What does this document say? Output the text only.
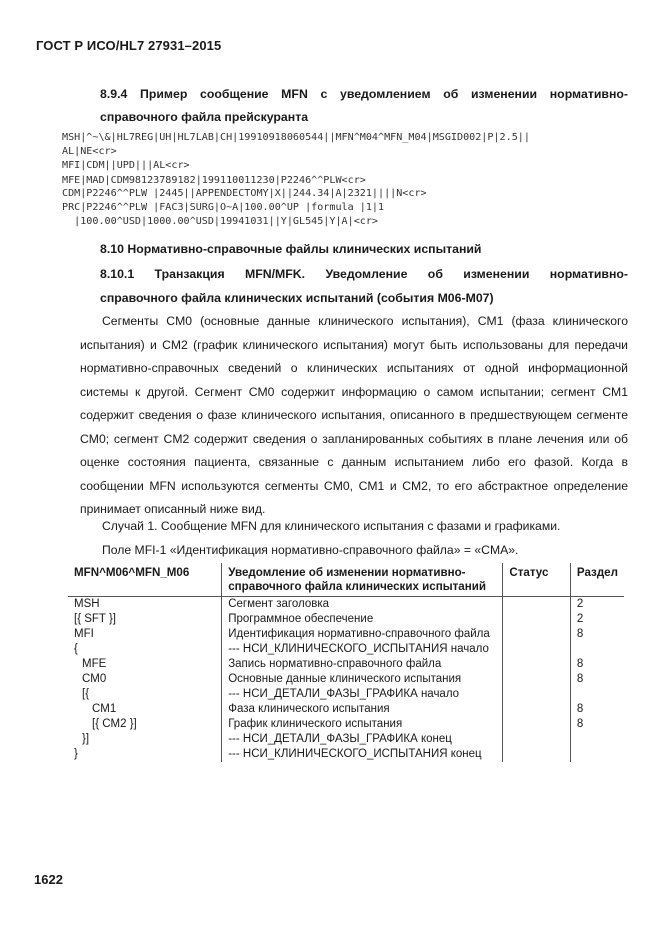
ГОСТ Р ИСО/HL7 27931–2015
8.9.4 Пример сообщение MFN с уведомлением об изменении нормативно-
справочного файла прейскуранта
MSH|^~\&|HL7REG|UH|HL7LAB|CH|19910918060544||MFN^M04^MFN_M04|MSGID002|P|2.5||
AL|NE<cr>
MFI|CDM||UPD|||AL<cr>
MFE|MAD|CDM98123789182|199110011230|P2246^^PLW<cr>
CDM|P2246^^PLW |2445||APPENDECTOMY|X||244.34|A|2321||||N<cr>
PRC|P2246^^PLW |FAC3|SURG|O~A|100.00^UP |formula |1|1
|100.00^USD|1000.00^USD|19941031||Y|GL545|Y|A|<cr>
8.10 Нормативно-справочные файлы клинических испытаний
8.10.1 Транзакция MFN/MFK. Уведомление об изменении нормативно-
справочного файла клинических испытаний (события M06-M07)
Сегменты CM0 (основные данные клинического испытания), CM1 (фаза клинического испытания) и CM2 (график клинического испытания) могут быть использованы для передачи нормативно-справочных сведений о клинических испытаниях от одной информационной системы к другой. Сегмент CM0 содержит информацию о самом испытании; сегмент CM1 содержит сведения о фазе клинического испытания, описанного в предшествующем сегменте CM0; сегмент CM2 содержит сведения о запланированных событиях в плане лечения или об оценке состояния пациента, связанные с данным испытанием либо его фазой. Когда в сообщении MFN используются сегменты CM0, CM1 и CM2, то его абстрактное определение принимает описанный ниже вид.
Случай 1. Сообщение MFN для клинического испытания с фазами и графиками.
Поле MFI-1 «Идентификация нормативно-справочного файла» = «CMA».
MFN^M06^MFN_M06	Уведомление об изменении нормативно-справочного файла клинических испытаний	Статус	Раздел
MSH	Сегмент заголовка		2
[{ SFT }]	Программное обеспечение		2
MFI	Идентификация нормативно-справочного файла		8
{	--- НСИ_КЛИНИЧЕСКОГО_ИСПЫТАНИЯ начало		
MFE	Запись нормативно-справочного файла		8
CM0	Основные данные клинического испытания		8
[{	--- НСИ_ДЕТАЛИ_ФАЗЫ_ГРАФИКА начало		
CM1	Фаза клинического испытания		8
[{ CM2 }]	График клинического испытания		8
}]	--- НСИ_ДЕТАЛИ_ФАЗЫ_ГРАФИКА конец		
}	--- НСИ_КЛИНИЧЕСКОГО_ИСПЫТАНИЯ конец		
1622
